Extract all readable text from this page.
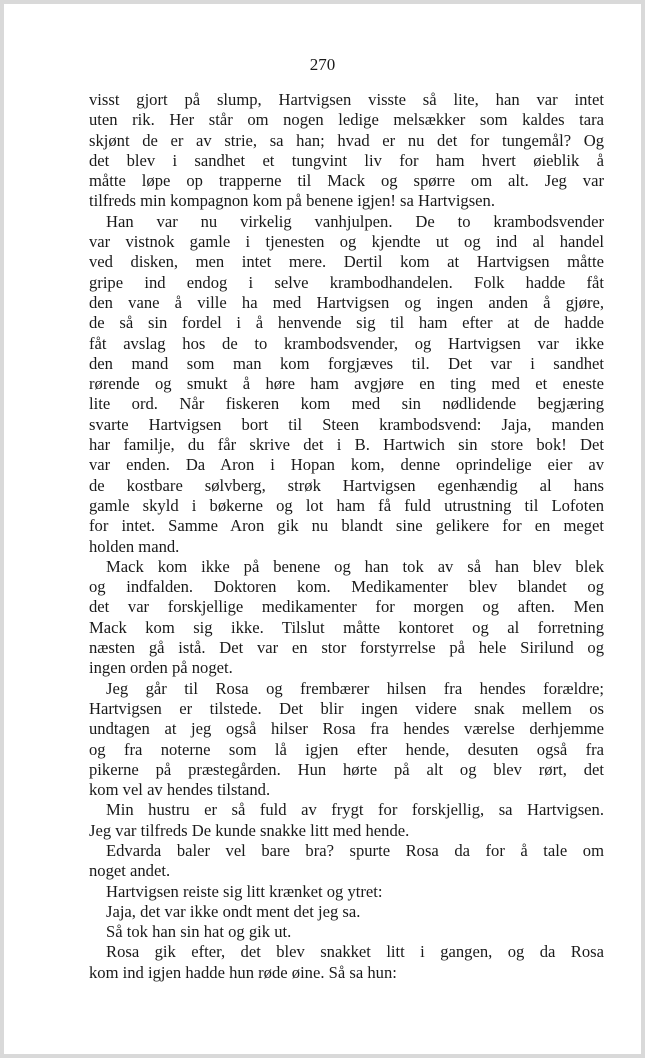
270
visst gjort på slump, Hartvigsen visste så lite, han var intet
uten rik. Her står om nogen ledige melsækker som kaldes tara
skjønt de er av strie, sa han; hvad er nu det for tungemål? Og
det blev i sandhet et tungvint liv for ham hvert øieblik å
måtte løpe op trapperne til Mack og spørre om alt. Jeg var
tilfreds min kompagnon kom på benene igjen! sa Hartvigsen.
Han var nu virkelig vanhjulpen. De to krambodsvender
var vistnok gamle i tjenesten og kjendte ut og ind al handel
ved disken, men intet mere. Dertil kom at Hartvigsen måtte
gripe ind endog i selve krambodhandelen. Folk hadde fåt
den vane å ville ha med Hartvigsen og ingen anden å gjøre,
de så sin fordel i å henvende sig til ham efter at de hadde
fåt avslag hos de to krambodsvender, og Hartvigsen var ikke
den mand som man kom forgjæves til. Det var i sandhet
rørende og smukt å høre ham avgjøre en ting med et eneste
lite ord. Når fiskeren kom med sin nødlidende begjæring
svarte Hartvigsen bort til Steen krambodsvend: Jaja, manden
har familje, du får skrive det i B. Hartwich sin store bok! Det
var enden. Da Aron i Hopan kom, denne oprindelige eier av
de kostbare sølvberg, strøk Hartvigsen egenhændig al hans
gamle skyld i bøkerne og lot ham få fuld utrustning til Lofoten
for intet. Samme Aron gik nu blandt sine gelikere for en meget
holden mand.
Mack kom ikke på benene og han tok av så han blev blek
og indfalden. Doktoren kom. Medikamenter blev blandet og
det var forskjellige medikamenter for morgen og aften. Men
Mack kom sig ikke. Tilslut måtte kontoret og al forretning
næsten gå istå. Det var en stor forstyrrelse på hele Sirilund og
ingen orden på noget.
Jeg går til Rosa og frembærer hilsen fra hendes forældre;
Hartvigsen er tilstede. Det blir ingen videre snak mellem os
undtagen at jeg også hilser Rosa fra hendes værelse derhjemme
og fra noterne som lå igjen efter hende, desuten også fra
pikerne på præstegården. Hun hørte på alt og blev rørt, det
kom vel av hendes tilstand.
Min hustru er så fuld av frygt for forskjellig, sa Hartvigsen.
Jeg var tilfreds De kunde snakke litt med hende.
Edvarda baler vel bare bra? spurte Rosa da for å tale om
noget andet.
Hartvigsen reiste sig litt krænket og ytret:
Jaja, det var ikke ondt ment det jeg sa.
Så tok han sin hat og gik ut.
Rosa gik efter, det blev snakket litt i gangen, og da Rosa
kom ind igjen hadde hun røde øine. Så sa hun:
